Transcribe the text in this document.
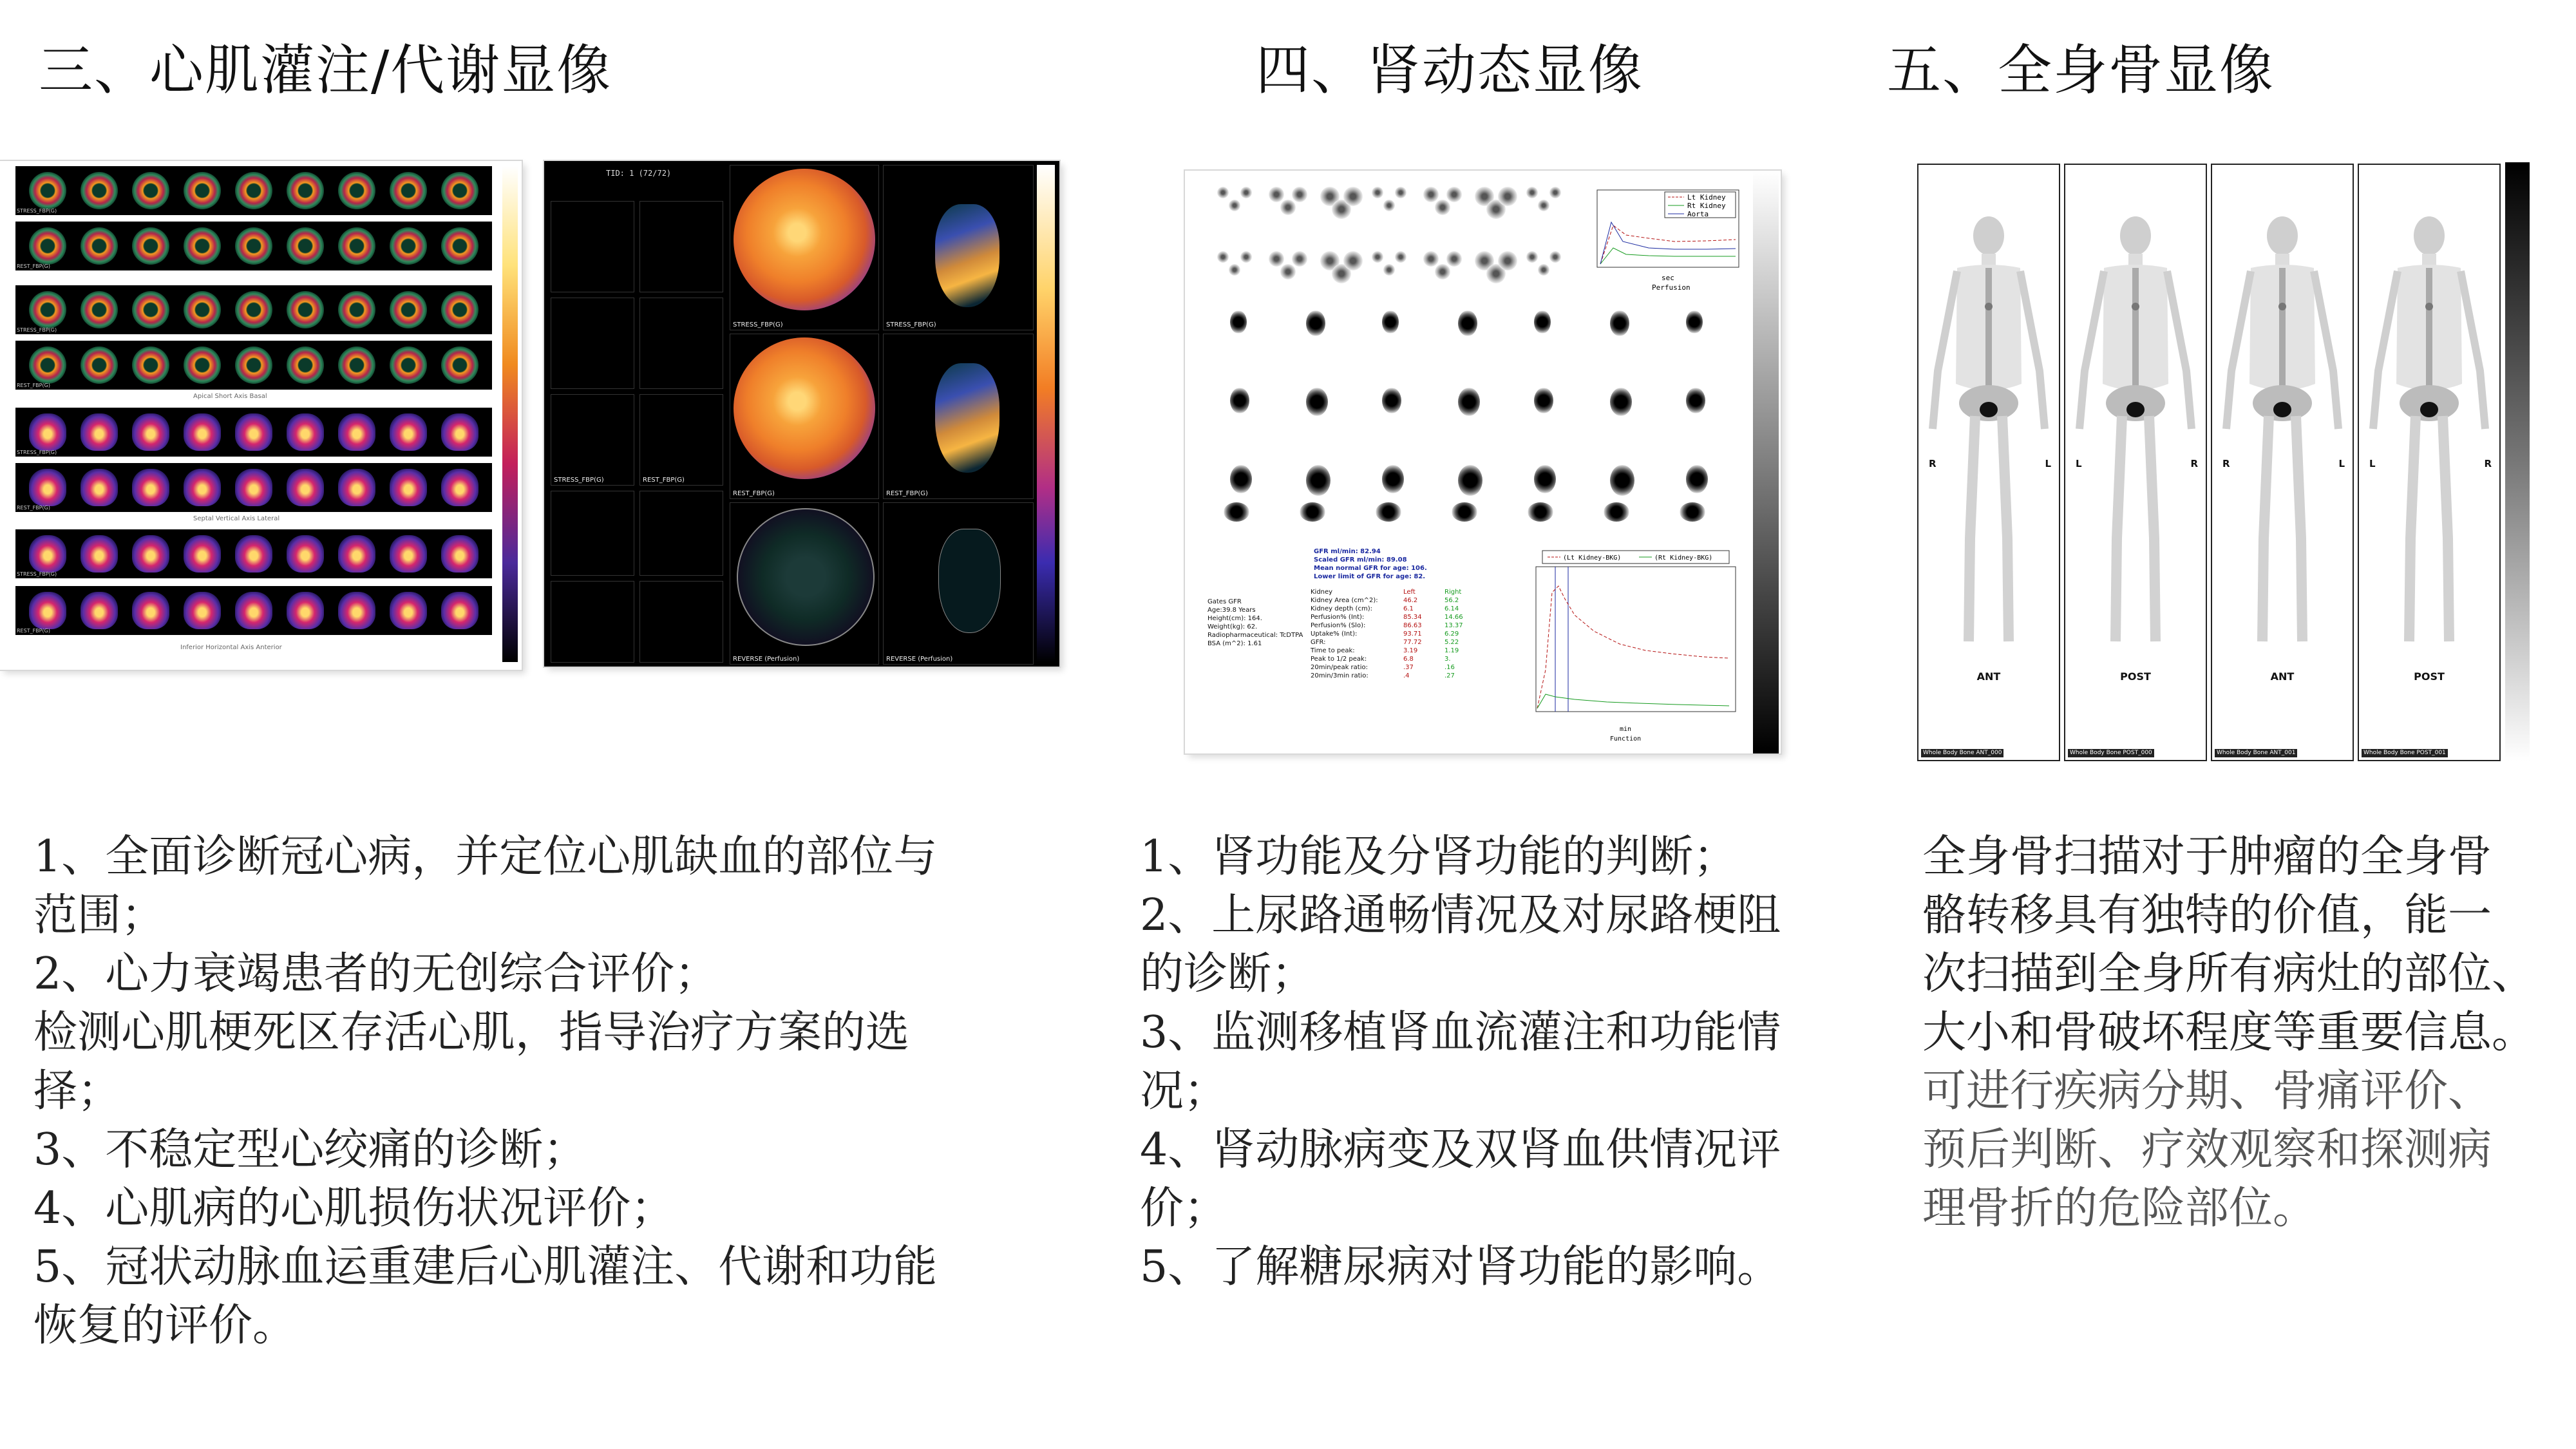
三、心肌灌注/代谢显像	四、肾动态显像	五、全身骨显像
STRESS_FBP(G)
REST_FBP(G)
STRESS_FBP(G)
REST_FBP(G)
Apical Short Axis Basal
STRESS_FBP(G)
REST_FBP(G)
Septal Vertical Axis Lateral
STRESS_FBP(G)
REST_FBP(G)
Inferior Horizontal Axis Anterior
TID: 1 (72/72)
STRESS_FBP(G)	REST_FBP(G)
STRESS_FBP(G)
REST_FBP(G)
REVERSE (Perfusion)
STRESS_FBP(G)
REST_FBP(G)
REVERSE (Perfusion)
Lt Kidney
Rt Kidney
Aorta
sec
Perfusion
Gates GFR
Age:39.8 Years
Height(cm): 164.
Weight(kg): 62.
Radiopharmaceutical: TcDTPA
BSA (m^2): 1.61
GFR ml/min: 82.94
Scaled GFR ml/min: 89.08
Mean normal GFR for age: 106.
Lower limit of GFR for age: 82.
Kidney	Left	Right
Kidney Area (cm^2):	46.2	56.2
Kidney depth (cm):	6.1	6.14
Perfusion% (Int):	85.34	14.66
Perfusion% (Slo):	86.63	13.37
Uptake% (Int):	93.71	6.29
GFR:	77.72	5.22
Time to peak:	3.19	1.19
Peak to 1/2 peak:	6.8	3.
20min/peak ratio:	.37	.16
20min/3min ratio:	.4	.27
(Lt Kidney-BKG)	(Rt Kidney-BKG)
min
Function
R	L
ANT
Whole Body Bone ANT_000
L	R
POST
Whole Body Bone POST_000
R	L
ANT
Whole Body Bone ANT_001
L	R
POST
Whole Body Bone POST_001
1、全面诊断冠心病，并定位心肌缺血的部位与
范围；
2、心力衰竭患者的无创综合评价；
检测心肌梗死区存活心肌，指导治疗方案的选
择；
3、不稳定型心绞痛的诊断；
4、心肌病的心肌损伤状况评价；
5、冠状动脉血运重建后心肌灌注、代谢和功能
恢复的评价。
1、肾功能及分肾功能的判断；
2、上尿路通畅情况及对尿路梗阻
的诊断；
3、监测移植肾血流灌注和功能情
况；
4、肾动脉病变及双肾血供情况评
价；
5、了解糖尿病对肾功能的影响。
全身骨扫描对于肿瘤的全身骨
骼转移具有独特的价值，能一
次扫描到全身所有病灶的部位、
大小和骨破坏程度等重要信息。
可进行疾病分期、骨痛评价、
预后判断、疗效观察和探测病
理骨折的危险部位。
